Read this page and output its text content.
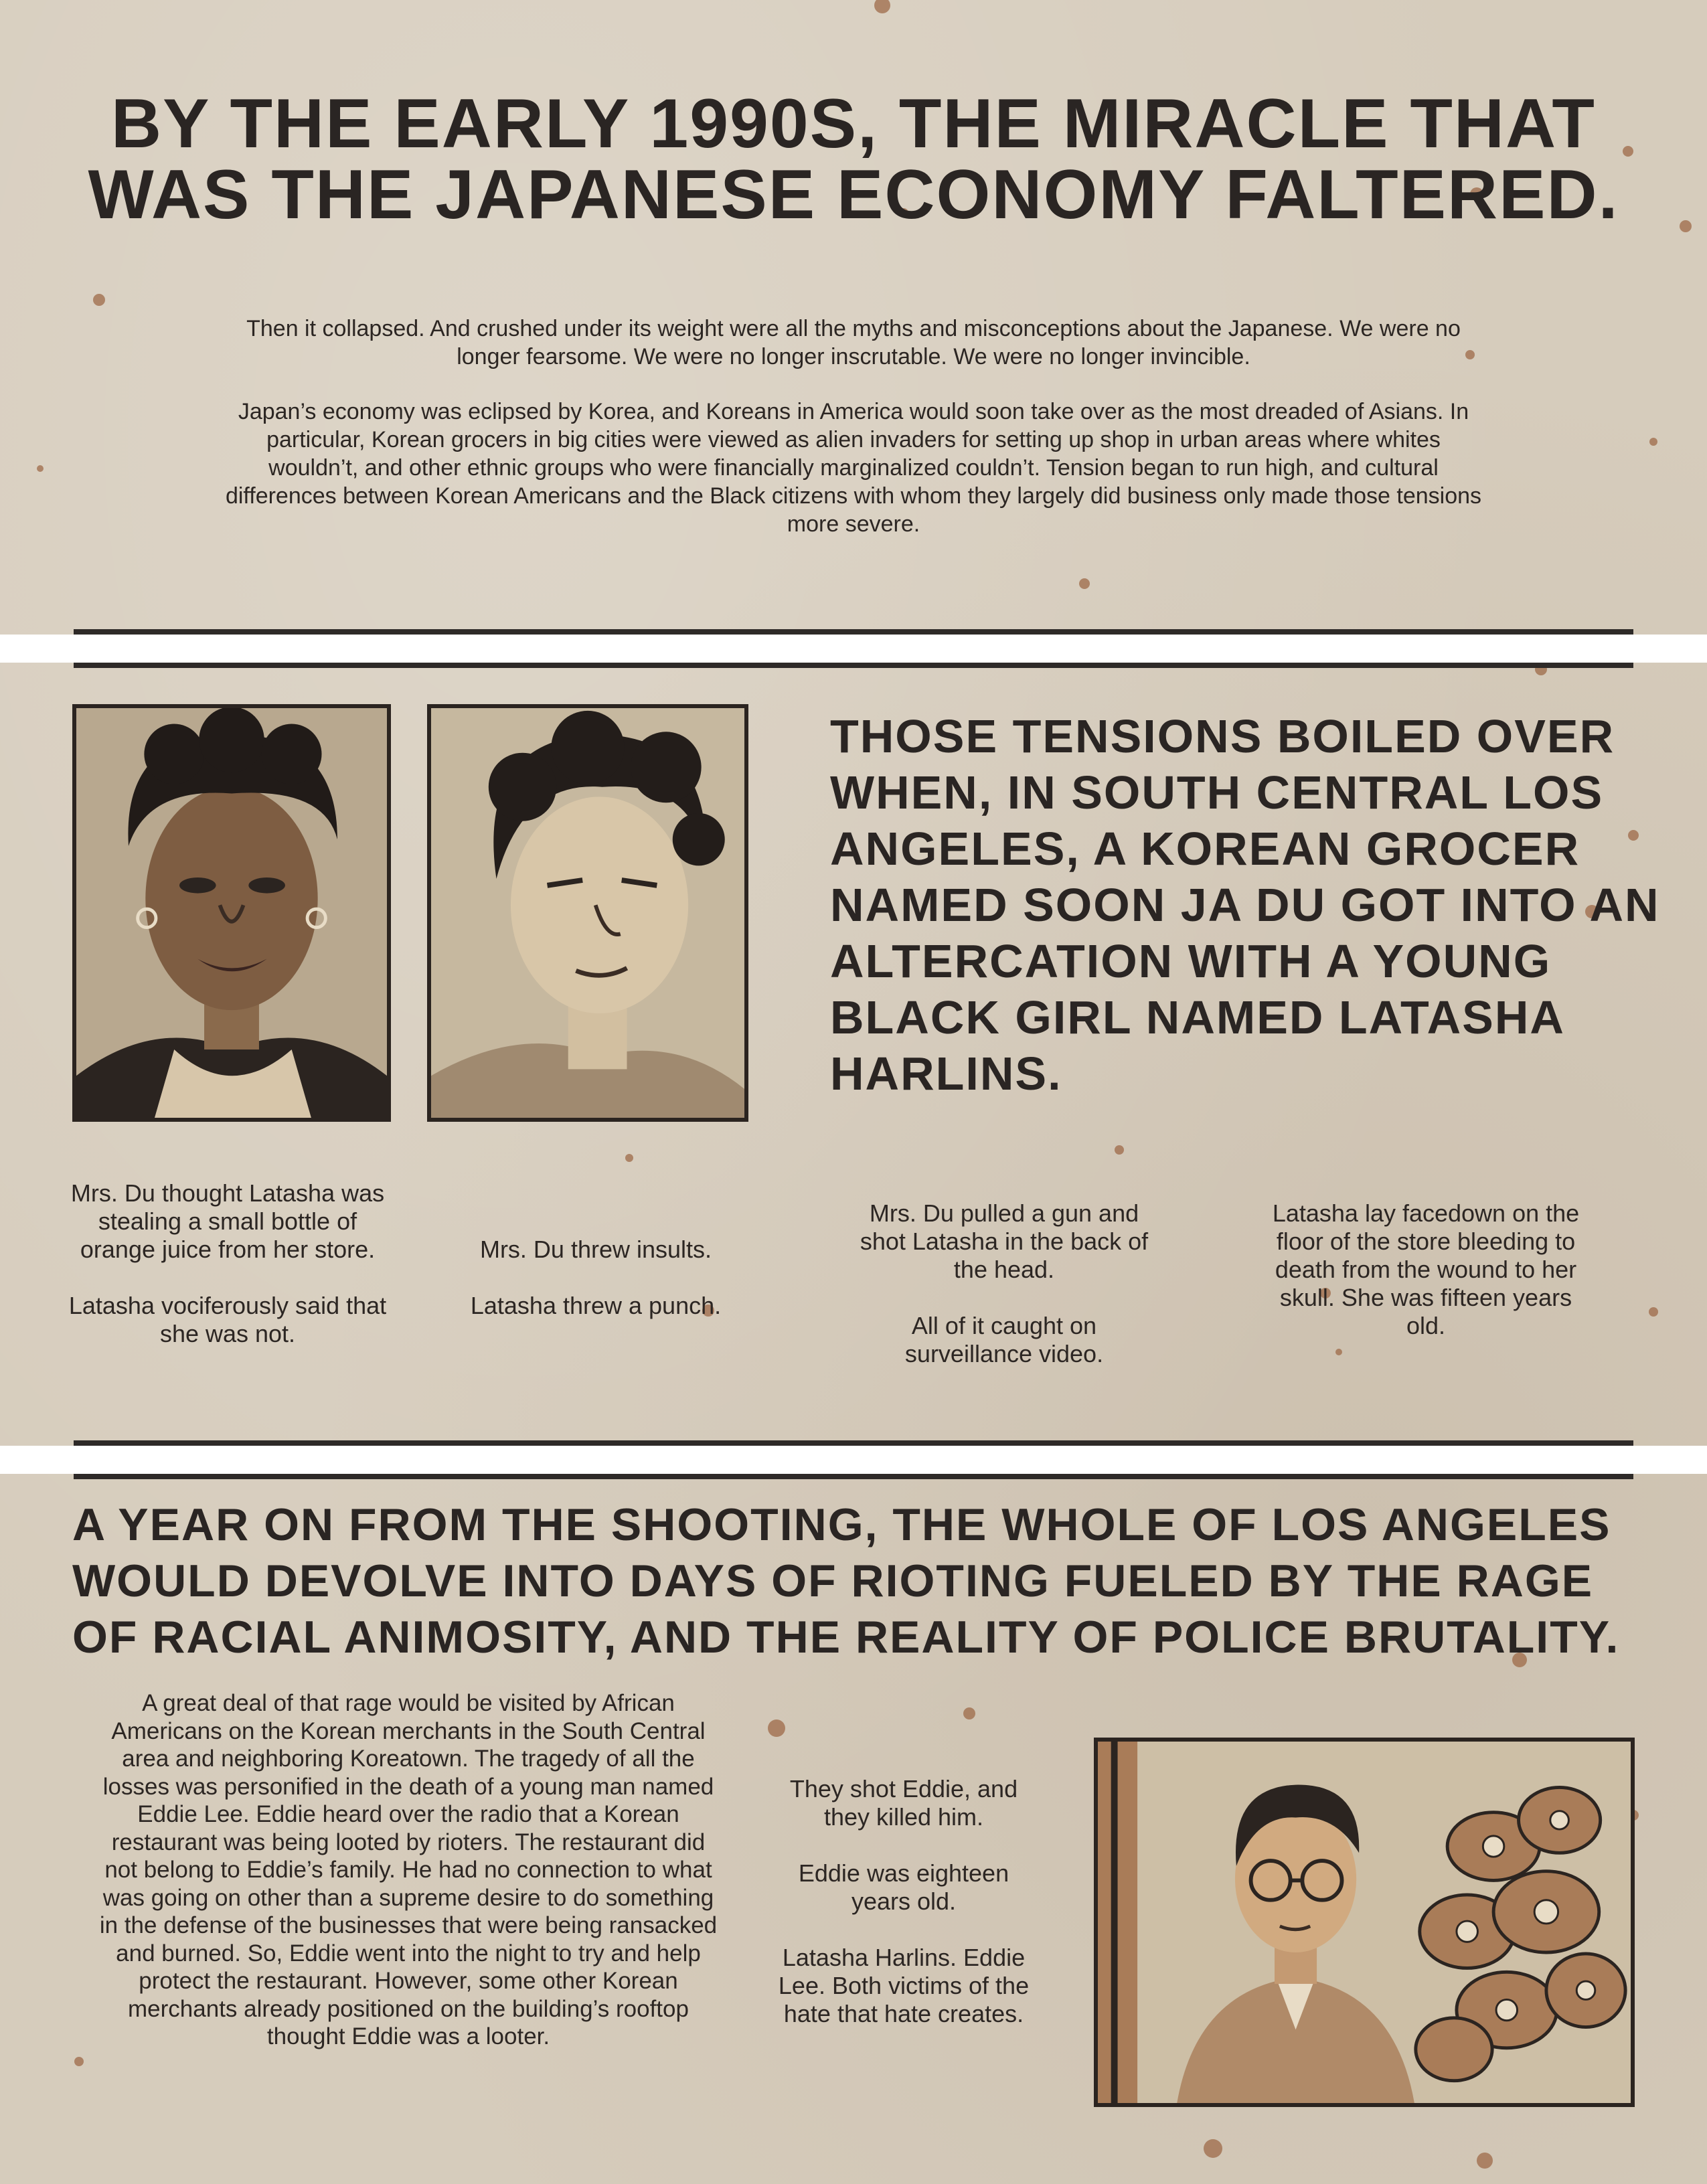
BY THE EARLY 1990S, THE MIRACLE THAT WAS THE JAPANESE ECONOMY FALTERED.

Then it collapsed. And crushed under its weight were all the myths and misconceptions about the Japanese. We were no longer fearsome. We were no longer inscrutable. We were no longer invincible.

Japan’s economy was eclipsed by Korea, and Koreans in America would soon take over as the most dreaded of Asians. In particular, Korean grocers in big cities were viewed as alien invaders for setting up shop in urban areas where whites wouldn’t, and other ethnic groups who were financially marginalized couldn’t. Tension began to run high, and cultural differences between Korean Americans and the Black citizens with whom they largely did business only made those tensions more severe.

THOSE TENSIONS BOILED OVER WHEN, IN SOUTH CENTRAL LOS ANGELES, A KOREAN GROCER NAMED SOON JA DU GOT INTO AN ALTERCATION WITH A YOUNG BLACK GIRL NAMED LATASHA HARLINS.

Mrs. Du thought Latasha was stealing a small bottle of orange juice from her store.

Latasha vociferously said that she was not.

Mrs. Du threw insults.

Latasha threw a punch.

Mrs. Du pulled a gun and shot Latasha in the back of the head.

All of it caught on surveillance video.

Latasha lay facedown on the floor of the store bleeding to death from the wound to her skull. She was fifteen years old.

A YEAR ON FROM THE SHOOTING, THE WHOLE OF LOS ANGELES WOULD DEVOLVE INTO DAYS OF RIOTING FUELED BY THE RAGE OF RACIAL ANIMOSITY, AND THE REALITY OF POLICE BRUTALITY.

A great deal of that rage would be visited by African Americans on the Korean merchants in the South Central area and neighboring Koreatown. The tragedy of all the losses was personified in the death of a young man named Eddie Lee. Eddie heard over the radio that a Korean restaurant was being looted by rioters. The restaurant did not belong to Eddie’s family. He had no connection to what was going on other than a supreme desire to do something in the defense of the businesses that were being ransacked and burned. So, Eddie went into the night to try and help protect the restaurant. However, some other Korean merchants already positioned on the building’s rooftop thought Eddie was a looter.

They shot Eddie, and they killed him.

Eddie was eighteen years old.

Latasha Harlins. Eddie Lee. Both victims of the hate that hate creates.
